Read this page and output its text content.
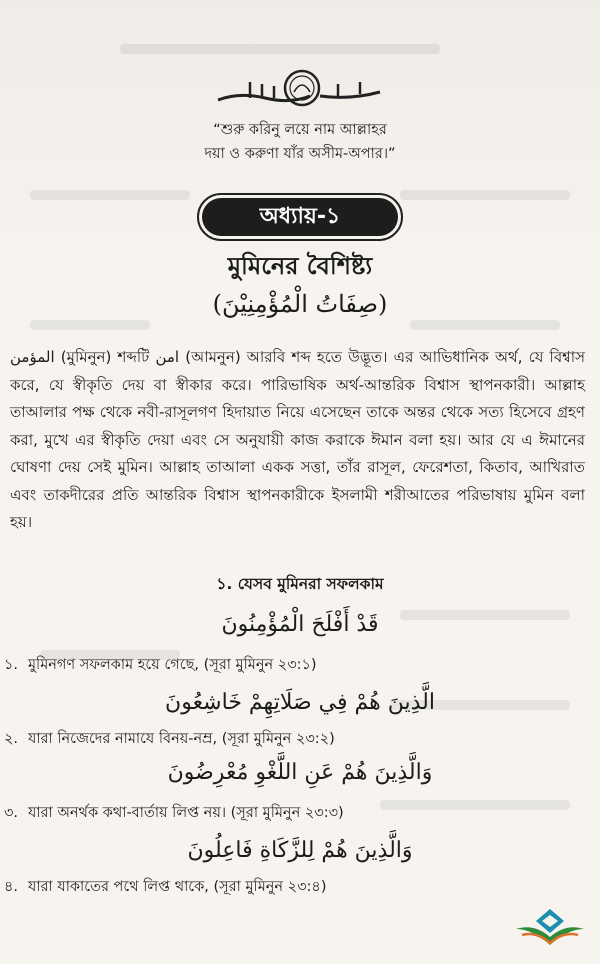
“শুরু করিনু লয়ে নাম আল্লাহর
দয়া ও করুণা যাঁর অসীম-অপার।”
অধ্যায়-১
মুমিনের বৈশিষ্ট্য
(صِفَاتُ الْمُؤْمِنِيْنَ)
المؤمن (মুমিনুন) শব্দটি امن (আমনুন) আরবি শব্দ হতে উদ্ভূত। এর আভিধানিক অর্থ, যে বিশ্বাস করে, যে স্বীকৃতি দেয় বা স্বীকার করে। পারিভাষিক অর্থ-আন্তরিক বিশ্বাস স্থাপনকারী। আল্লাহ তাআলার পক্ষ থেকে নবী-রাসূলগণ হিদায়াত নিয়ে এসেছেন তাকে অন্তর থেকে সত্য হিসেবে গ্রহণ করা, মুখে এর স্বীকৃতি দেয়া এবং সে অনুযায়ী কাজ করাকে ঈমান বলা হয়। আর যে এ ঈমানের ঘোষণা দেয় সেই মুমিন। আল্লাহ তাআলা একক সত্তা, তাঁর রাসূল, ফেরেশতা, কিতাব, আখিরাত এবং তাকদীরের প্রতি আন্তরিক বিশ্বাস স্থাপনকারীকে ইসলামী শরীআতের পরিভাষায় মুমিন বলা হয়।
১. যেসব মুমিনরা সফলকাম
قَدْ أَفْلَحَ الْمُؤْمِنُونَ
১. মুমিনগণ সফলকাম হয়ে গেছে, (সূরা মুমিনুন ২৩:১)
الَّذِينَ هُمْ فِي صَلَاتِهِمْ خَاشِعُونَ
২. যারা নিজেদের নামাযে বিনয়-নম্র, (সূরা মুমিনুন ২৩:২)
وَالَّذِينَ هُمْ عَنِ اللَّغْوِ مُعْرِضُونَ
৩. যারা অনর্থক কথা-বার্তায় লিপ্ত নয়। (সূরা মুমিনুন ২৩:৩)
وَالَّذِينَ هُمْ لِلزَّكَاةِ فَاعِلُونَ
৪. যারা যাকাতের পথে লিপ্ত থাকে, (সূরা মুমিনুন ২৩:৪)
